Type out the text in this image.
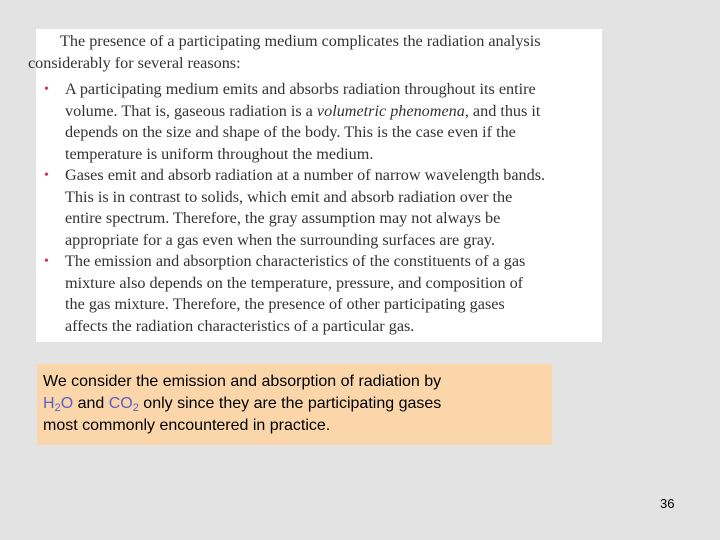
The presence of a participating medium complicates the radiation analysis
considerably for several reasons:

• A participating medium emits and absorbs radiation throughout its entire
volume. That is, gaseous radiation is a volumetric phenomena, and thus it
depends on the size and shape of the body. This is the case even if the
temperature is uniform throughout the medium.
• Gases emit and absorb radiation at a number of narrow wavelength bands.
This is in contrast to solids, which emit and absorb radiation over the
entire spectrum. Therefore, the gray assumption may not always be
appropriate for a gas even when the surrounding surfaces are gray.
• The emission and absorption characteristics of the constituents of a gas
mixture also depends on the temperature, pressure, and composition of
the gas mixture. Therefore, the presence of other participating gases
affects the radiation characteristics of a particular gas.
We consider the emission and absorption of radiation by
$H_2O$ and $CO_2$ only since they are the participating gases
most commonly encountered in practice.
36
